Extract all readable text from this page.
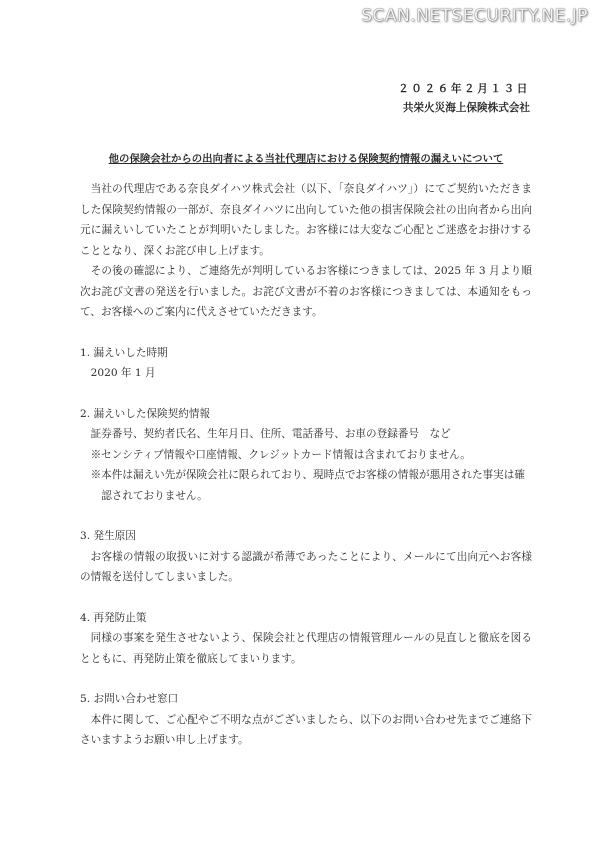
SCAN.NETSECURITY.NE.JP
２０２６年２月１３日
共栄火災海上保険株式会社
他の保険会社からの出向者による当社代理店における保険契約情報の漏えいについて

当社の代理店である奈良ダイハツ株式会社（以下、「奈良ダイハツ」）にてご契約いただきました保険契約情報の一部が、奈良ダイハツに出向していた他の損害保険会社の出向者から出向元に漏えいしていたことが判明いたしました。お客様には大変なご心配とご迷惑をお掛けすることとなり、深くお詫び申し上げます。

その後の確認により、ご連絡先が判明しているお客様につきましては、2025 年 3 月より順次お詫び文書の発送を行いました。お詫び文書が不着のお客様につきましては、本通知をもって、お客様へのご案内に代えさせていただきます。

1. 漏えいした時期

2020 年 1 月

2. 漏えいした保険契約情報

証券番号、契約者氏名、生年月日、住所、電話番号、お車の登録番号　など

※センシティブ情報や口座情報、クレジットカード情報は含まれておりません。

※本件は漏えい先が保険会社に限られており、現時点でお客様の情報が悪用された事実は確認されておりません。

3. 発生原因

お客様の情報の取扱いに対する認識が希薄であったことにより、メールにて出向元へお客様の情報を送付してしまいました。

4. 再発防止策

同様の事案を発生させないよう、保険会社と代理店の情報管理ルールの見直しと徹底を図るとともに、再発防止策を徹底してまいります。

5. お問い合わせ窓口

本件に関して、ご心配やご不明な点がございましたら、以下のお問い合わせ先までご連絡下さいますようお願い申し上げます。
